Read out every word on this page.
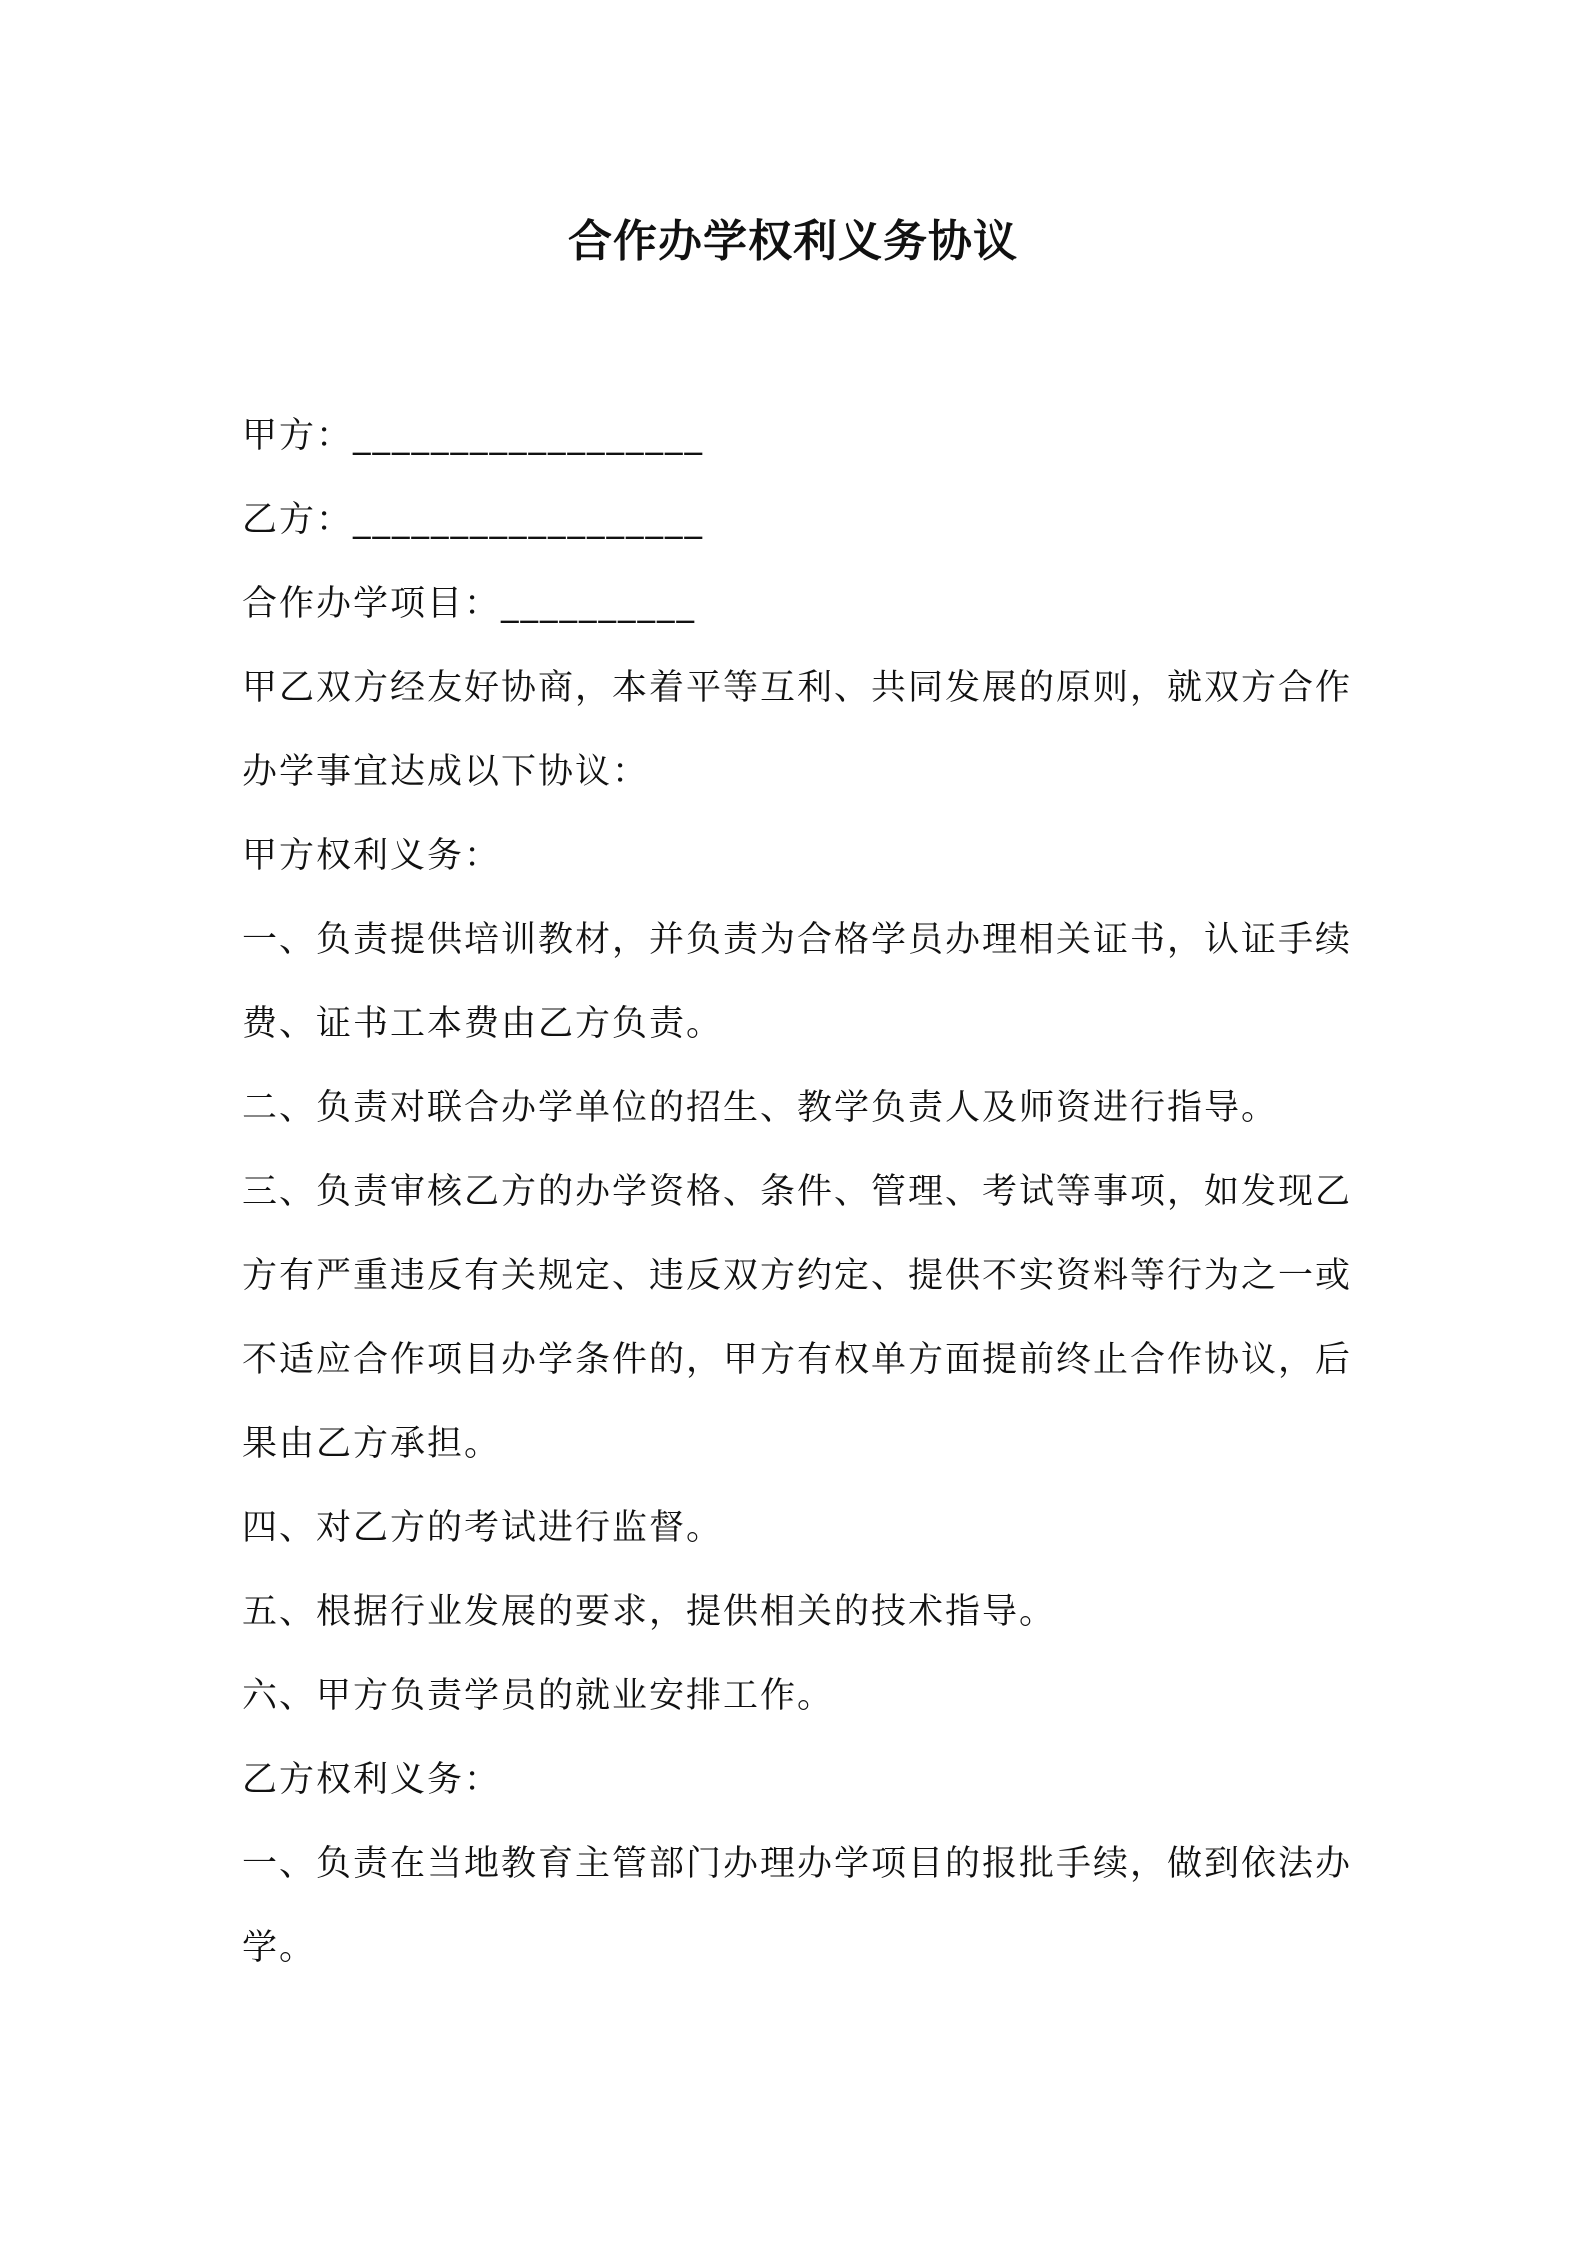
合作办学权利义务协议
甲方：__________________
乙方：__________________
合作办学项目：__________
甲乙双方经友好协商，本着平等互利、共同发展的原则，就双方合作
办学事宜达成以下协议：
甲方权利义务：
一、负责提供培训教材，并负责为合格学员办理相关证书，认证手续
费、证书工本费由乙方负责。
二、负责对联合办学单位的招生、教学负责人及师资进行指导。
三、负责审核乙方的办学资格、条件、管理、考试等事项，如发现乙
方有严重违反有关规定、违反双方约定、提供不实资料等行为之一或
不适应合作项目办学条件的，甲方有权单方面提前终止合作协议，后
果由乙方承担。
四、对乙方的考试进行监督。
五、根据行业发展的要求，提供相关的技术指导。
六、甲方负责学员的就业安排工作。
乙方权利义务：
一、负责在当地教育主管部门办理办学项目的报批手续，做到依法办
学。
